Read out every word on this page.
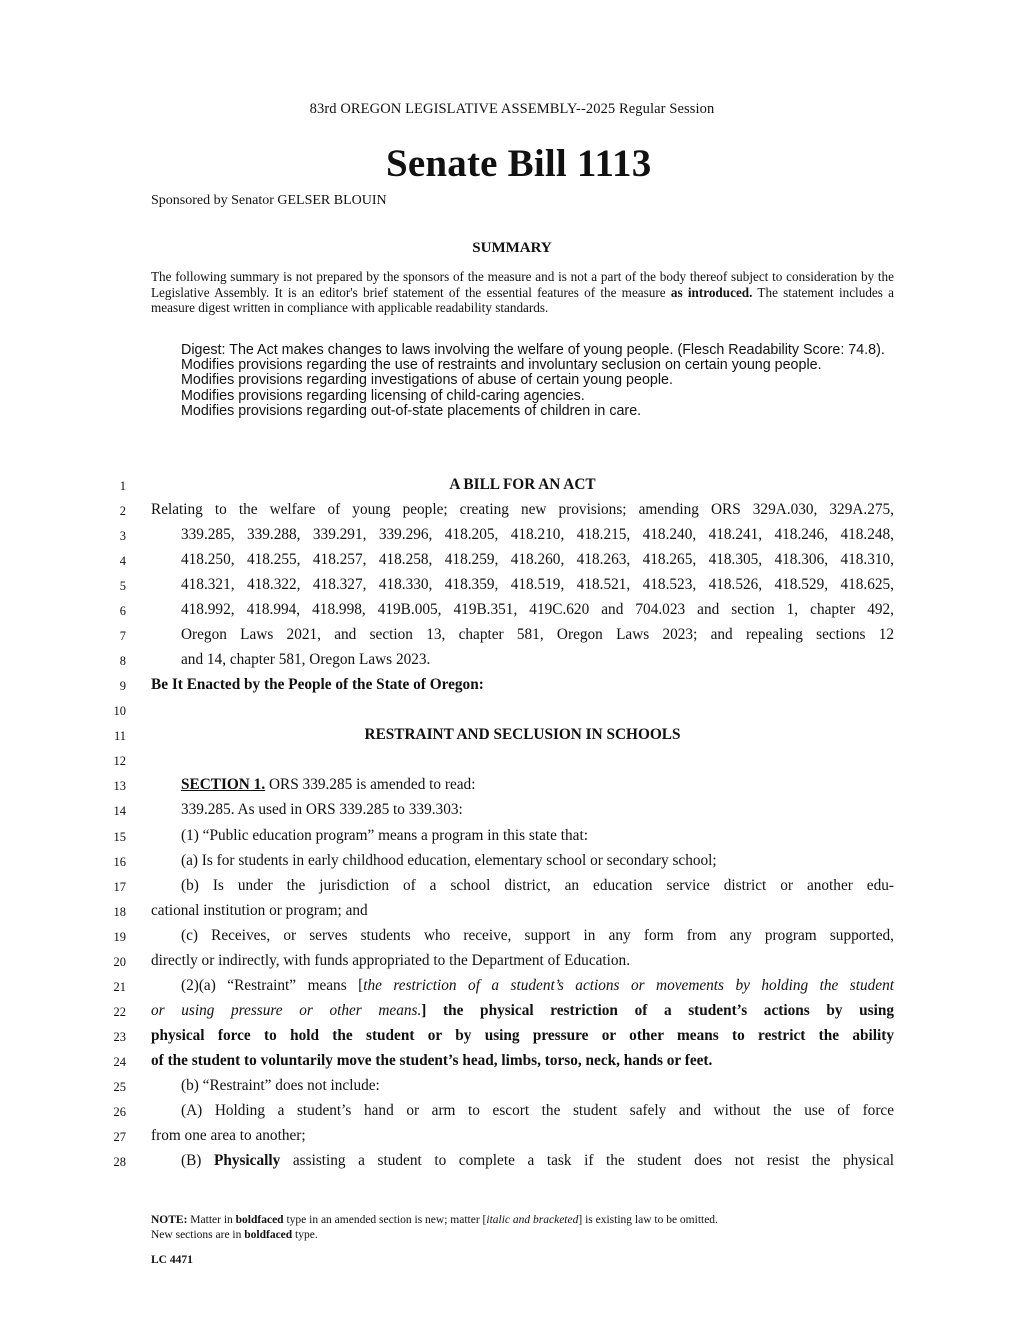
83rd OREGON LEGISLATIVE ASSEMBLY--2025 Regular Session
Senate Bill 1113
Sponsored by Senator GELSER BLOUIN
SUMMARY
The following summary is not prepared by the sponsors of the measure and is not a part of the body thereof subject to consideration by the Legislative Assembly. It is an editor's brief statement of the essential features of the measure as introduced. The statement includes a measure digest written in compliance with applicable readability standards.

Digest: The Act makes changes to laws involving the welfare of young people. (Flesch Readability Score: 74.8).

Modifies provisions regarding the use of restraints and involuntary seclusion on certain young people.

Modifies provisions regarding investigations of abuse of certain young people.

Modifies provisions regarding licensing of child-caring agencies.

Modifies provisions regarding out-of-state placements of children in care.

1
2
3
4
5
6
7
8
9
10
11
12
13
14
15
16
17
18
19
20
21
22
23
24
25
26
27
28
A BILL FOR AN ACT
Relating to the welfare of young people; creating new provisions; amending ORS 329A.030, 329A.275,
339.285, 339.288, 339.291, 339.296, 418.205, 418.210, 418.215, 418.240, 418.241, 418.246, 418.248,
418.250, 418.255, 418.257, 418.258, 418.259, 418.260, 418.263, 418.265, 418.305, 418.306, 418.310,
418.321, 418.322, 418.327, 418.330, 418.359, 418.519, 418.521, 418.523, 418.526, 418.529, 418.625,
418.992, 418.994, 418.998, 419B.005, 419B.351, 419C.620 and 704.023 and section 1, chapter 492,
Oregon Laws 2021, and section 13, chapter 581, Oregon Laws 2023; and repealing sections 12
and 14, chapter 581, Oregon Laws 2023.
Be It Enacted by the People of the State of Oregon:
RESTRAINT AND SECLUSION IN SCHOOLS
SECTION 1. ORS 339.285 is amended to read:
339.285. As used in ORS 339.285 to 339.303:
(1) “Public education program” means a program in this state that:
(a) Is for students in early childhood education, elementary school or secondary school;
(b) Is under the jurisdiction of a school district, an education service district or another edu-
cational institution or program; and
(c) Receives, or serves students who receive, support in any form from any program supported,
directly or indirectly, with funds appropriated to the Department of Education.
(2)(a) “Restraint” means [the restriction of a student’s actions or movements by holding the student
or using pressure or other means.] the physical restriction of a student’s actions by using
physical force to hold the student or by using pressure or other means to restrict the ability
of the student to voluntarily move the student’s head, limbs, torso, neck, hands or feet.
(b) “Restraint” does not include:
(A) Holding a student’s hand or arm to escort the student safely and without the use of force
from one area to another;
(B) Physically assisting a student to complete a task if the student does not resist the physical
NOTE: Matter in boldfaced type in an amended section is new; matter [italic and bracketed] is existing law to be omitted.
New sections are in boldfaced type.
LC 4471
